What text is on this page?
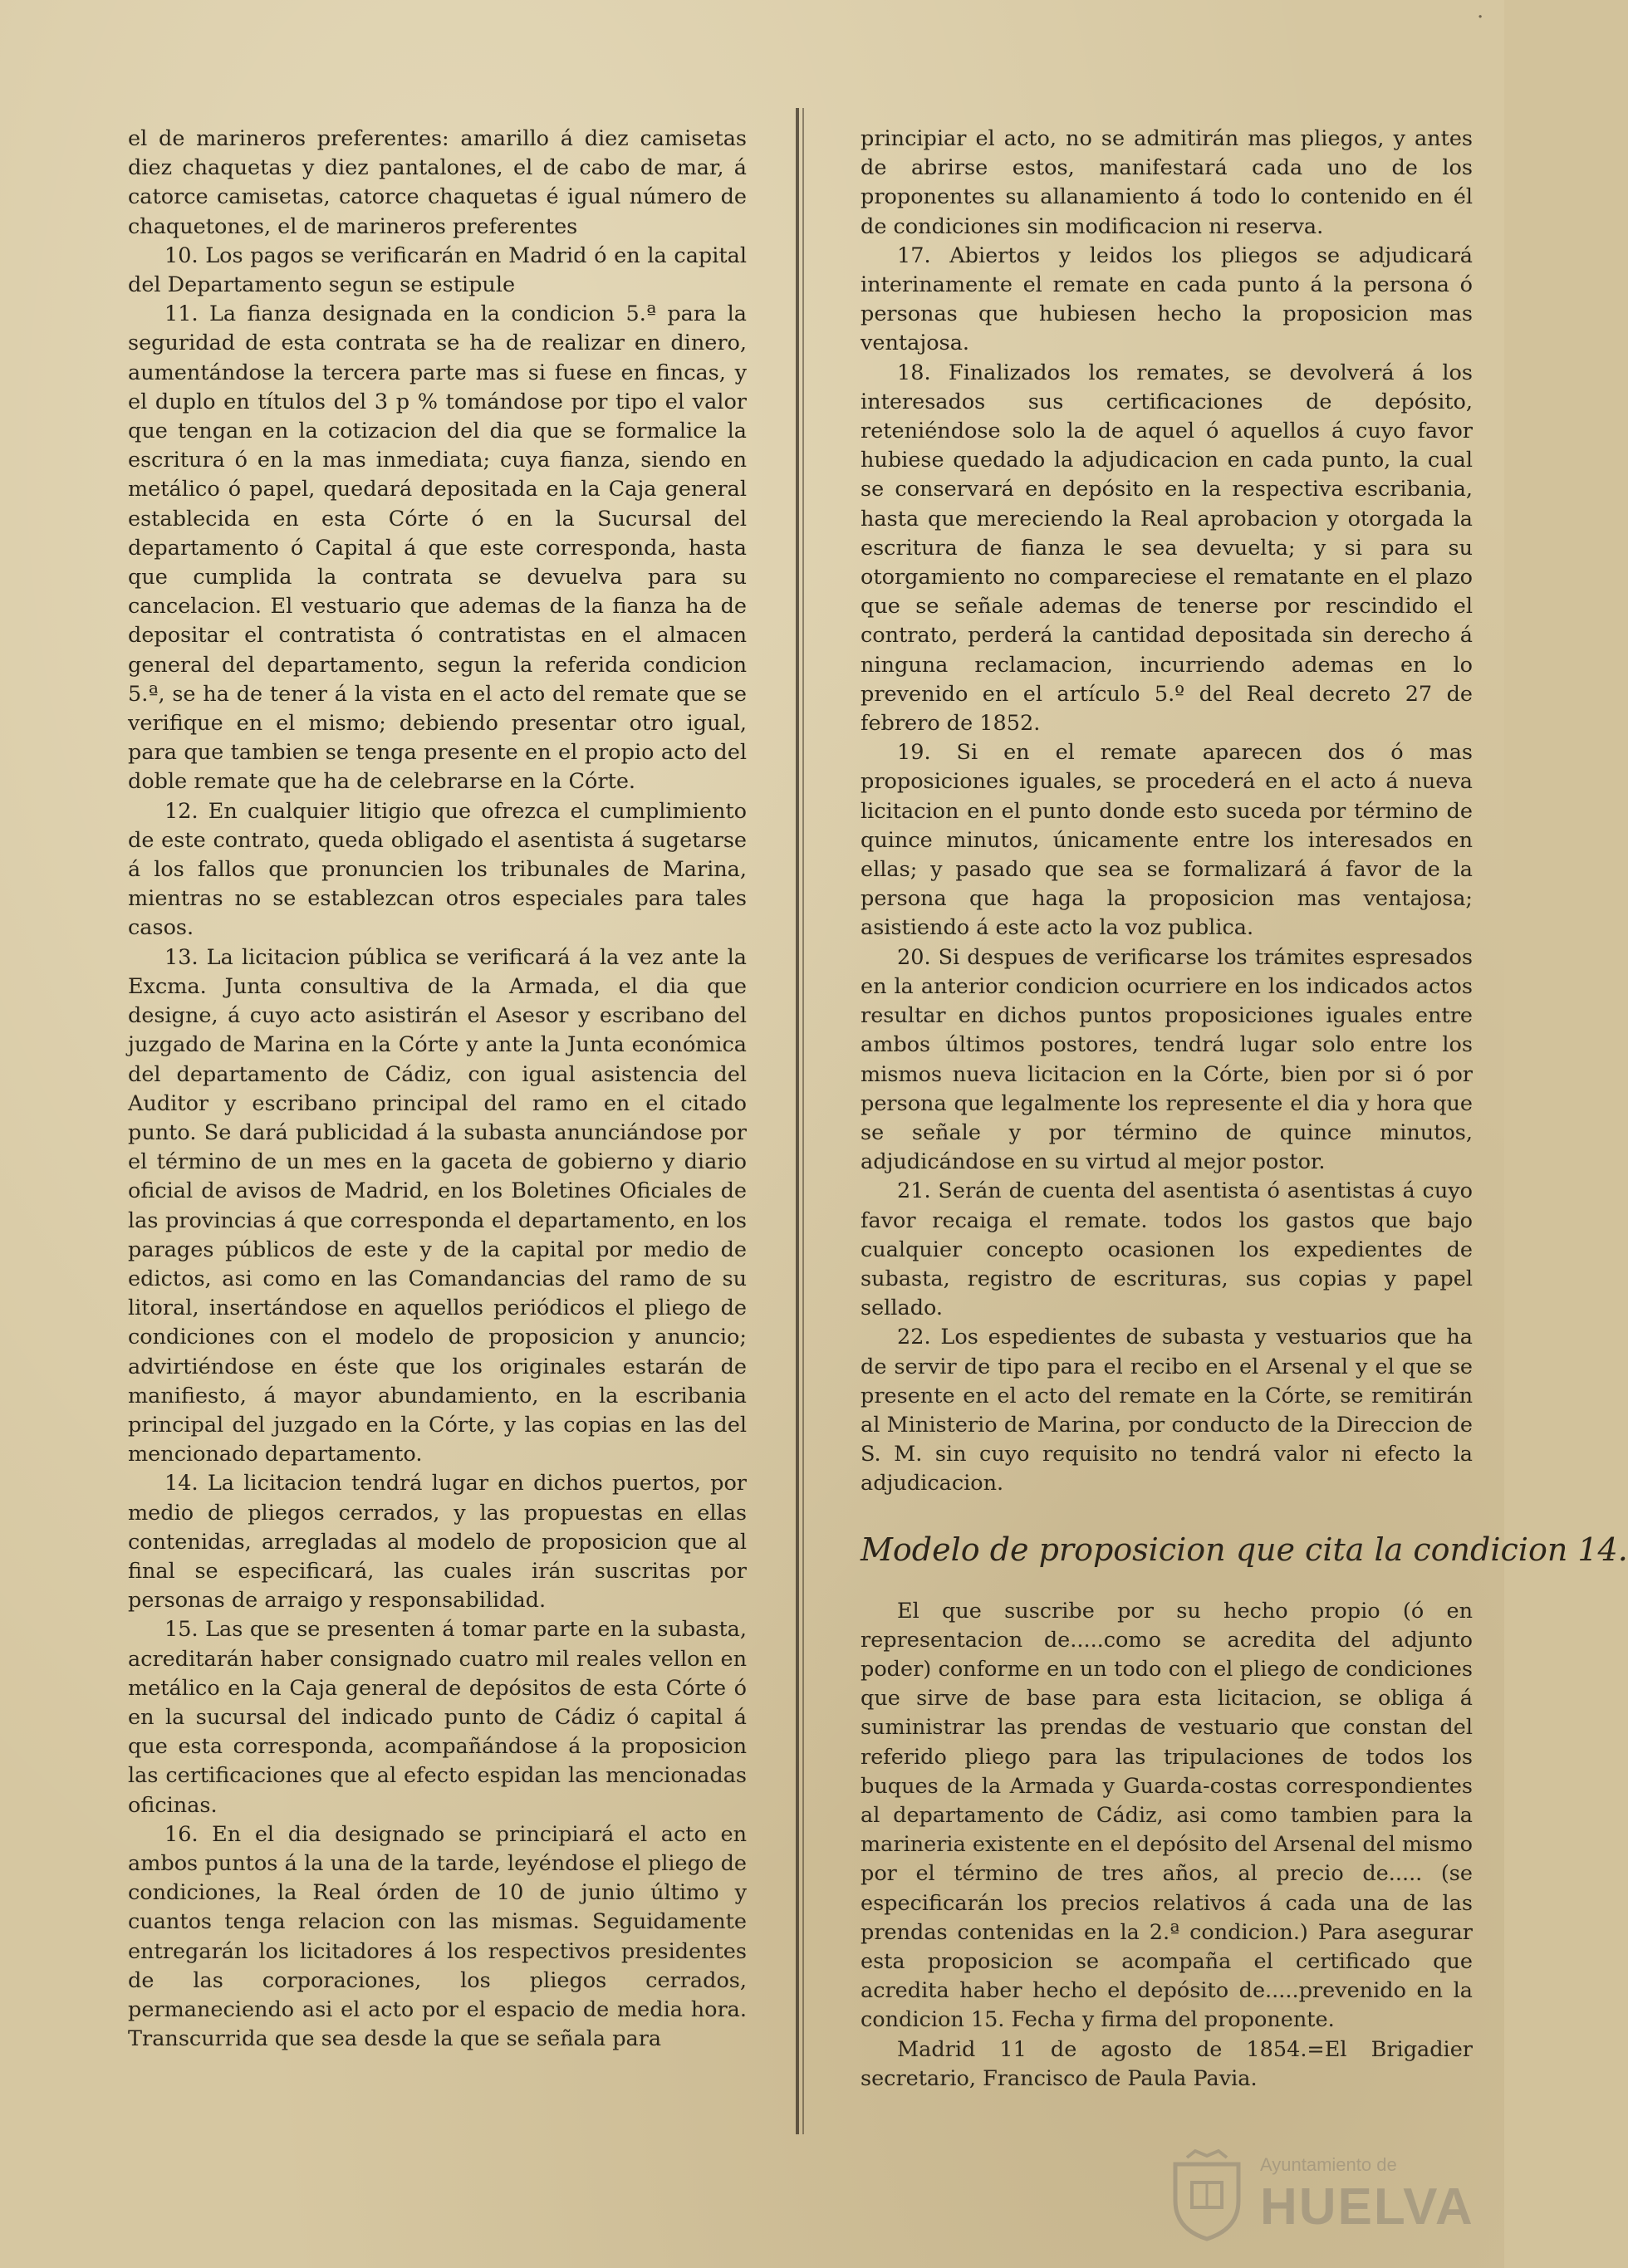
·

el de marineros preferentes: amarillo á diez camisetas diez chaquetas y diez pantalones, el de cabo de mar, á catorce camisetas, catorce chaquetas é igual número de chaquetones, el de marineros preferentes

10. Los pagos se verificarán en Madrid ó en la capital del Departamento segun se estipule

11. La fianza designada en la condicion 5.ª para la seguridad de esta contrata se ha de realizar en dinero, aumentándose la tercera parte mas si fuese en fincas, y el duplo en títulos del 3 p % tomándose por tipo el valor que tengan en la cotizacion del dia que se formalice la escritura ó en la mas inmediata; cuya fianza, siendo en metálico ó papel, quedará depositada en la Caja general establecida en esta Córte ó en la Sucursal del departamento ó Capital á que este corresponda, hasta que cumplida la contrata se devuelva para su cancelacion. El vestuario que ademas de la fianza ha de depositar el contratista ó contratistas en el almacen general del departamento, segun la referida condicion 5.ª, se ha de tener á la vista en el acto del remate que se verifique en el mismo; debiendo presentar otro igual, para que tambien se tenga presente en el propio acto del doble remate que ha de celebrarse en la Córte.

12. En cualquier litigio que ofrezca el cumplimiento de este contrato, queda obligado el asentista á sugetarse á los fallos que pronuncien los tribunales de Marina, mientras no se establezcan otros especiales para tales casos.

13. La licitacion pública se verificará á la vez ante la Excma. Junta consultiva de la Armada, el dia que designe, á cuyo acto asistirán el Asesor y escribano del juzgado de Marina en la Córte y ante la Junta económica del departamento de Cádiz, con igual asistencia del Auditor y escribano principal del ramo en el citado punto. Se dará publicidad á la subasta anunciándose por el término de un mes en la gaceta de gobierno y diario oficial de avisos de Madrid, en los Boletines Oficiales de las provincias á que corresponda el departamento, en los parages públicos de este y de la capital por medio de edictos, asi como en las Comandancias del ramo de su litoral, insertándose en aquellos periódicos el pliego de condiciones con el modelo de proposicion y anuncio; advirtiéndose en éste que los originales estarán de manifiesto, á mayor abundamiento, en la escribania principal del juzgado en la Córte, y las copias en las del mencionado departamento.

14. La licitacion tendrá lugar en dichos puertos, por medio de pliegos cerrados, y las propuestas en ellas contenidas, arregladas al modelo de proposicion que al final se especificará, las cuales irán suscritas por personas de arraigo y responsabilidad.

15. Las que se presenten á tomar parte en la subasta, acreditarán haber consignado cuatro mil reales vellon en metálico en la Caja general de depósitos de esta Córte ó en la sucursal del indicado punto de Cádiz ó capital á que esta corresponda, acompañándose á la proposicion las certificaciones que al efecto espidan las mencionadas oficinas.

16. En el dia designado se principiará el acto en ambos puntos á la una de la tarde, leyéndose el pliego de condiciones, la Real órden de 10 de junio último y cuantos tenga relacion con las mismas. Seguidamente entregarán los licitadores á los respectivos presidentes de las corporaciones, los pliegos cerrados, permaneciendo asi el acto por el espacio de media hora. Transcurrida que sea desde la que se señala para

principiar el acto, no se admitirán mas pliegos, y antes de abrirse estos, manifestará cada uno de los proponentes su allanamiento á todo lo contenido en él de condiciones sin modificacion ni reserva.

17. Abiertos y leidos los pliegos se adjudicará interinamente el remate en cada punto á la persona ó personas que hubiesen hecho la proposicion mas ventajosa.

18. Finalizados los remates, se devolverá á los interesados sus certificaciones de depósito, reteniéndose solo la de aquel ó aquellos á cuyo favor hubiese quedado la adjudicacion en cada punto, la cual se conservará en depósito en la respectiva escribania, hasta que mereciendo la Real aprobacion y otorgada la escritura de fianza le sea devuelta; y si para su otorgamiento no compareciese el rematante en el plazo que se señale ademas de tenerse por rescindido el contrato, perderá la cantidad depositada sin derecho á ninguna reclamacion, incurriendo ademas en lo prevenido en el artículo 5.º del Real decreto 27 de febrero de 1852.

19. Si en el remate aparecen dos ó mas proposiciones iguales, se procederá en el acto á nueva licitacion en el punto donde esto suceda por término de quince minutos, únicamente entre los interesados en ellas; y pasado que sea se formalizará á favor de la persona que haga la proposicion mas ventajosa; asistiendo á este acto la voz publica.

20. Si despues de verificarse los trámites espresados en la anterior condicion ocurriere en los indicados actos resultar en dichos puntos proposiciones iguales entre ambos últimos postores, tendrá lugar solo entre los mismos nueva licitacion en la Córte, bien por si ó por persona que legalmente los represente el dia y hora que se señale y por término de quince minutos, adjudicándose en su virtud al mejor postor.

21. Serán de cuenta del asentista ó asentistas á cuyo favor recaiga el remate. todos los gastos que bajo cualquier concepto ocasionen los expedientes de subasta, registro de escrituras, sus copias y papel sellado.

22. Los espedientes de subasta y vestuarios que ha de servir de tipo para el recibo en el Arsenal y el que se presente en el acto del remate en la Córte, se remitirán al Ministerio de Marina, por conducto de la Direccion de S. M. sin cuyo requisito no tendrá valor ni efecto la adjudicacion.

Modelo de proposicion que cita la condicion 14.

El que suscribe por su hecho propio (ó en representacion de.....como se acredita del adjunto poder) conforme en un todo con el pliego de condiciones que sirve de base para esta licitacion, se obliga á suministrar las prendas de vestuario que constan del referido pliego para las tripulaciones de todos los buques de la Armada y Guarda-costas correspondientes al departamento de Cádiz, asi como tambien para la marineria existente en el depósito del Arsenal del mismo por el término de tres años, al precio de..... (se especificarán los precios relativos á cada una de las prendas contenidas en la 2.ª condicion.) Para asegurar esta proposicion se acompaña el certificado que acredita haber hecho el depósito de.....prevenido en la condicion 15. Fecha y firma del proponente.

Madrid 11 de agosto de 1854.=El Brigadier secretario, Francisco de Paula Pavia.

Ayuntamiento de
HUELVA
